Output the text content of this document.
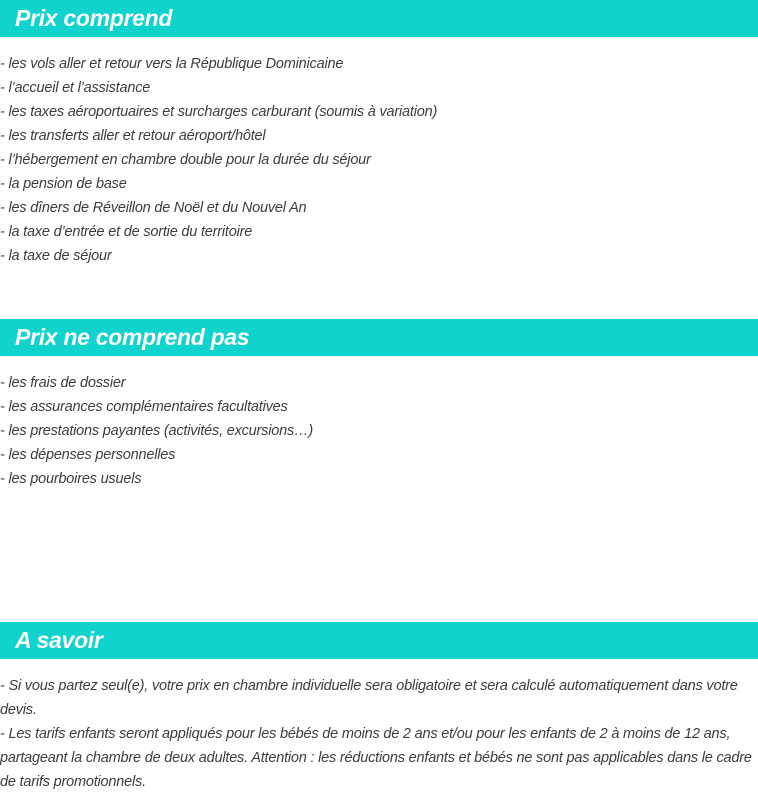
Prix comprend
- les vols aller et retour vers la République Dominicaine
- l’accueil et l’assistance
- les taxes aéroportuaires et surcharges carburant (soumis à variation)
- les transferts aller et retour aéroport/hôtel
- l’hébergement en chambre double pour la durée du séjour
- la pension de base
- les dîners de Réveillon de Noël et du Nouvel An
- la taxe d’entrée et de sortie du territoire
- la taxe de séjour
Prix ne comprend pas
- les frais de dossier
- les assurances complémentaires facultatives
- les prestations payantes (activités, excursions…)
- les dépenses personnelles
- les pourboires usuels
A savoir
- Si vous partez seul(e), votre prix en chambre individuelle sera obligatoire et sera calculé automatiquement dans votre devis.
- Les tarifs enfants seront appliqués pour les bébés de moins de 2 ans et/ou pour les enfants de 2 à moins de 12 ans, partageant la chambre de deux adultes. Attention : les réductions enfants et bébés ne sont pas applicables dans le cadre de tarifs promotionnels.
